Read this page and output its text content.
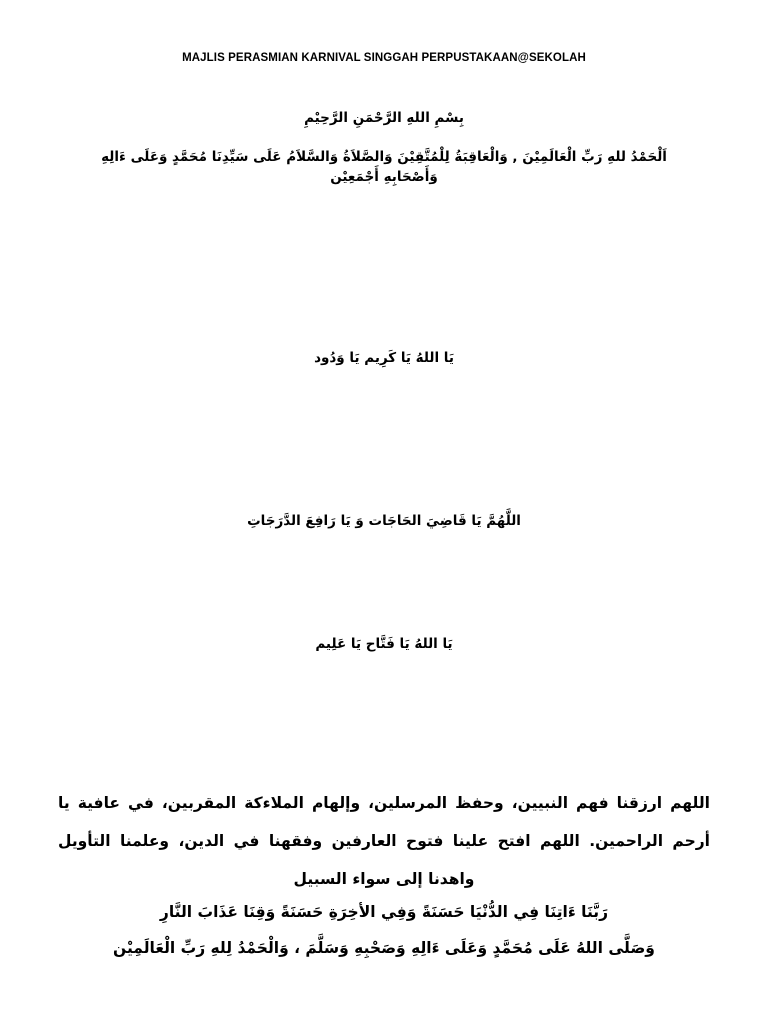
MAJLIS PERASMIAN KARNIVAL SINGGAH PERPUSTAKAAN@SEKOLAH
بِسْمِ اللهِ الرَّحْمَنِ الرَّحِيْمِ
اَلْحَمْدُ للهِ رَبِّ الْعَالَمِيْنَ , وَالْعَاقِبَةُ لِلْمُتَّقِيْنَ وَالصَّلاَةُ وَالسَّلاَمُ عَلَى سَيِّدِنَا مُحَمَّدٍ وَعَلَى ءَالِهِ
وَأَصْحَابِهِ أَجْمَعِيْن
يَا اللهُ يَا كَرِيم يَا وَدُود
اللَّهُمَّ يَا قَاضِيَ الحَاجَات وَ يَا رَافِعَ الدَّرَجَاتِ
يَا اللهُ يَا فَتَّاح يَا عَلِيم
اللهم ارزقنا فهم النبيين، وحفظ المرسلين، وإلهام الملاءكة المقربين، في عافية يا أرحم الراحمين. اللهم افتح علينا فتوح العارفين وفقهنا في الدين، وعلمنا التأويل واهدنا إلى سواء السبيل
رَبَّنَا ءَاتِنَا فِي الدُّنْيَا حَسَنَةً وَفِي الأخِرَةِ حَسَنَةً وَقِنَا عَذَابَ النَّارِ
وَصَلَّى اللهُ عَلَى مُحَمَّدٍ وَعَلَى ءَالِهِ وَصَحْبِهِ وَسَلَّمَ ، وَالْحَمْدُ لِلهِ رَبِّ الْعَالَمِيْن
